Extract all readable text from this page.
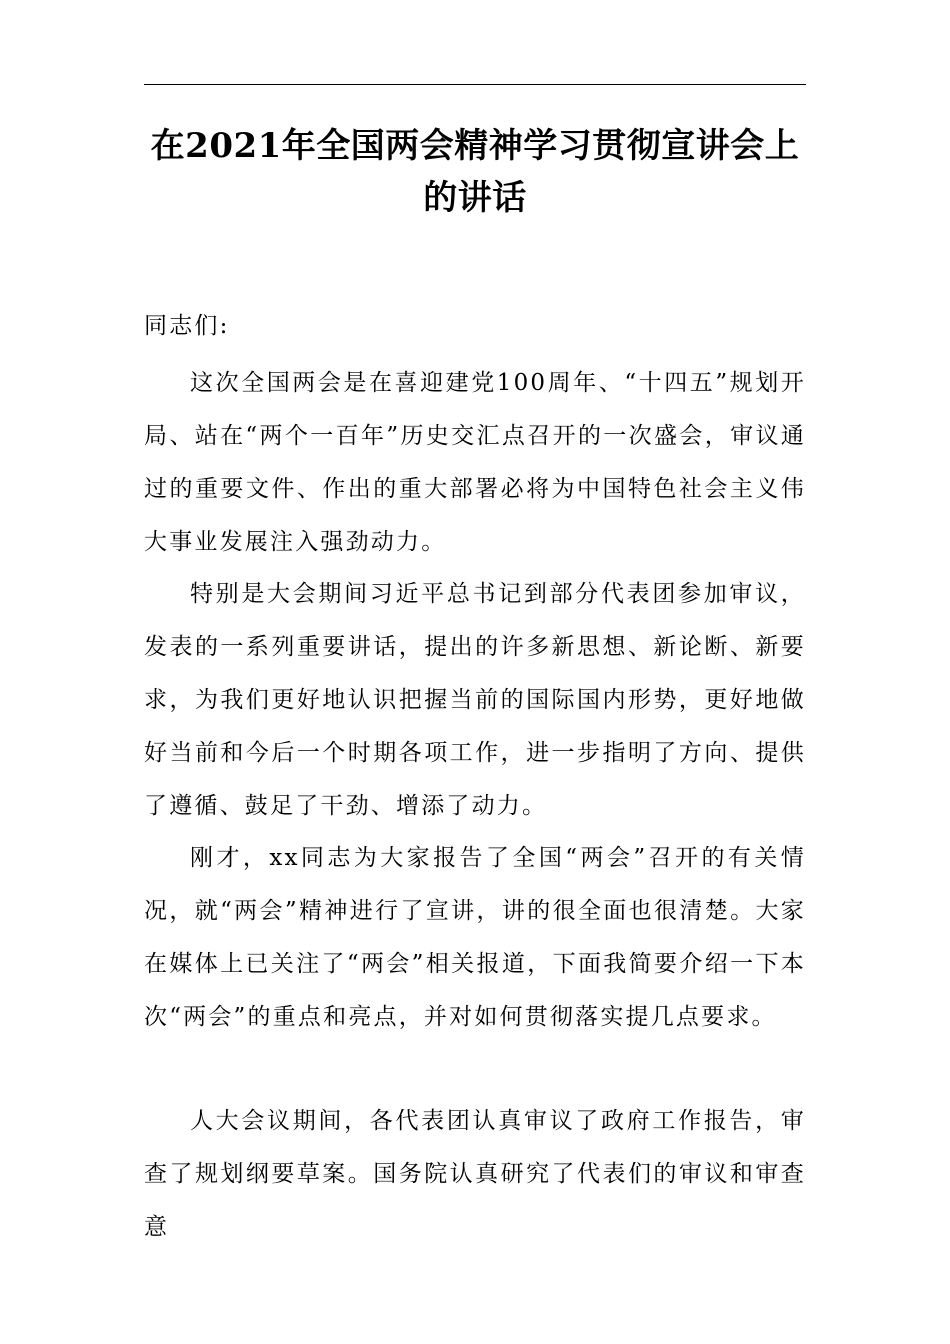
在2021年全国两会精神学习贯彻宣讲会上
的讲话

同志们:

这次全国两会是在喜迎建党100周年、“十四五”规划开局、站在“两个一百年”历史交汇点召开的一次盛会，审议通过的重要文件、作出的重大部署必将为中国特色社会主义伟大事业发展注入强劲动力。

特别是大会期间习近平总书记到部分代表团参加审议，发表的一系列重要讲话，提出的许多新思想、新论断、新要求，为我们更好地认识把握当前的国际国内形势，更好地做好当前和今后一个时期各项工作，进一步指明了方向、提供了遵循、鼓足了干劲、增添了动力。

刚才，xx同志为大家报告了全国“两会”召开的有关情况，就“两会”精神进行了宣讲，讲的很全面也很清楚。大家在媒体上已关注了“两会”相关报道，下面我简要介绍一下本次“两会”的重点和亮点，并对如何贯彻落实提几点要求。

人大会议期间，各代表团认真审议了政府工作报告，审查了规划纲要草案。国务院认真研究了代表们的审议和审查意
